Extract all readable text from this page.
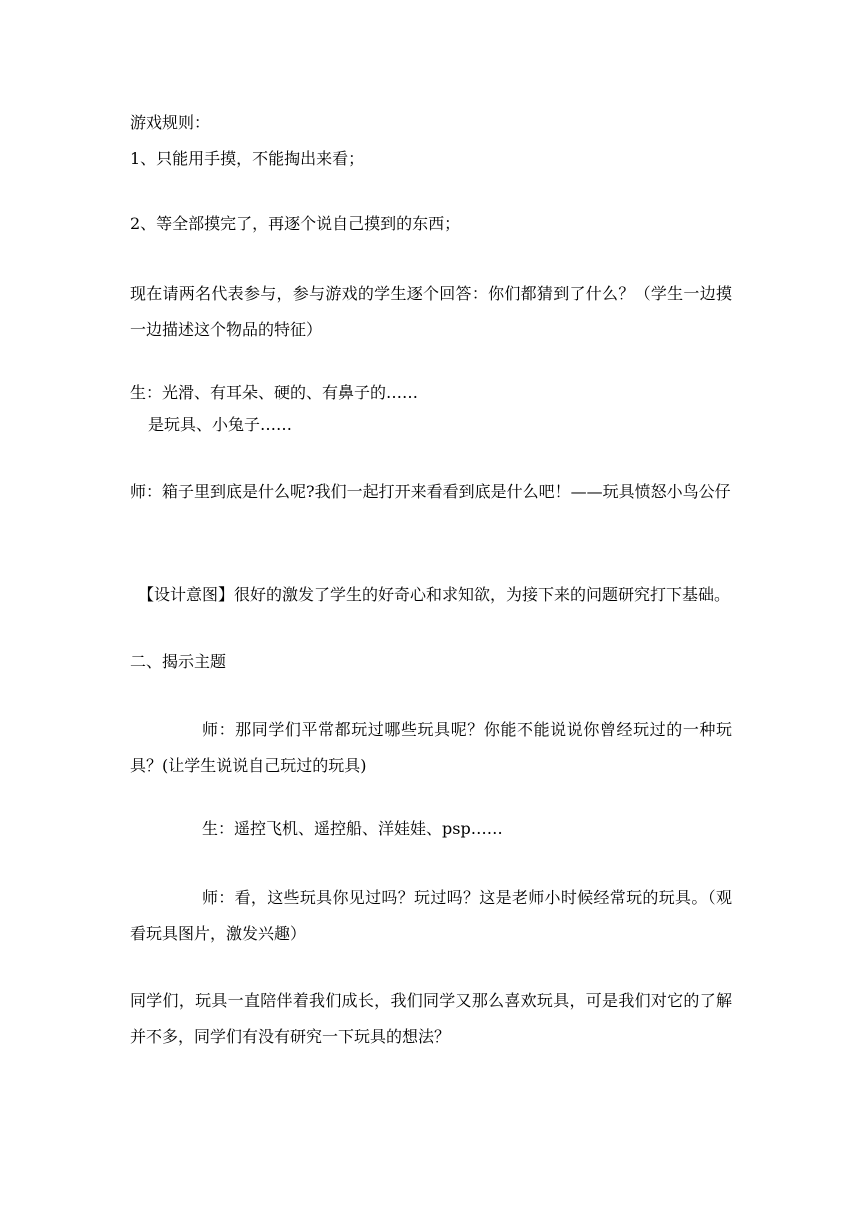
游戏规则：
1、只能用手摸，不能掏出来看；
2、等全部摸完了，再逐个说自己摸到的东西；
现在请两名代表参与，参与游戏的学生逐个回答：你们都猜到了什么？（学生一边摸一边描述这个物品的特征）
生：光滑、有耳朵、硬的、有鼻子的……
是玩具、小兔子……
师：箱子里到底是什么呢?我们一起打开来看看到底是什么吧！——玩具愤怒小鸟公仔
【设计意图】很好的激发了学生的好奇心和求知欲，为接下来的问题研究打下基础。
二、揭示主题
师：那同学们平常都玩过哪些玩具呢？你能不能说说你曾经玩过的一种玩具？(让学生说说自己玩过的玩具)
生：遥控飞机、遥控船、洋娃娃、psp……
师：看，这些玩具你见过吗？玩过吗？这是老师小时候经常玩的玩具。（观看玩具图片，激发兴趣）
同学们，玩具一直陪伴着我们成长，我们同学又那么喜欢玩具，可是我们对它的了解并不多，同学们有没有研究一下玩具的想法？
